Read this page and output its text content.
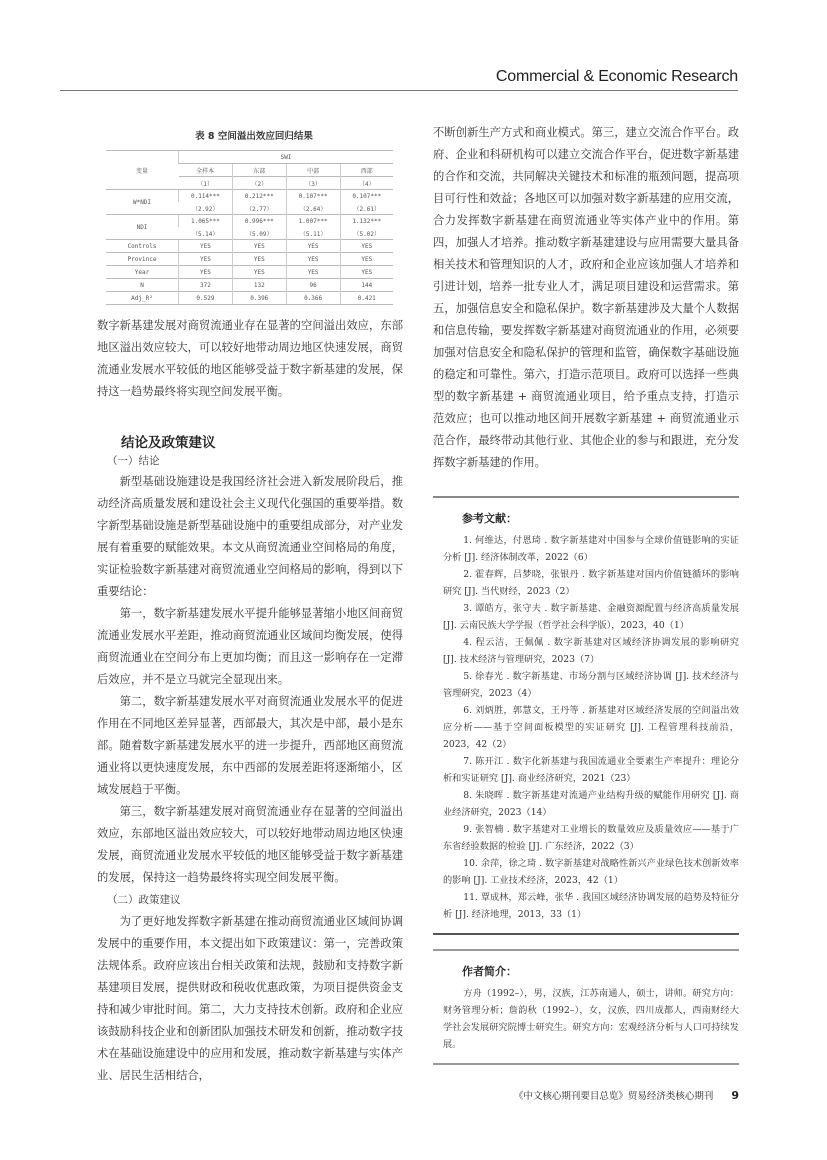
Commercial & Economic Research
表 8 空间溢出效应回归结果
变量	SWI			
	全样本	东部	中部	西部
	（1）	（2）	（3）	（4）
W*NDI	0.114***	0.212***	0.107***	0.107***
	（2.92）	（2.77）	（2.64）	（2.61）
NDI	1.065***	0.996***	1.007***	1.132***
	（5.14）	（5.09）	（5.11）	（5.02）
Controls	YES	YES	YES	YES
Province	YES	YES	YES	YES
Year	YES	YES	YES	YES
N	372	132	96	144
Adj_R²	0.529	0.396	0.366	0.421

数字新基建发展对商贸流通业存在显著的空间溢出效应，东部地区溢出效应较大，可以较好地带动周边地区快速发展，商贸流通业发展水平较低的地区能够受益于数字新基建的发展，保持这一趋势最终将实现空间发展平衡。

结论及政策建议
（一）结论

新型基础设施建设是我国经济社会进入新发展阶段后，推动经济高质量发展和建设社会主义现代化强国的重要举措。数字新型基础设施是新型基础设施中的重要组成部分，对产业发展有着重要的赋能效果。本文从商贸流通业空间格局的角度，实证检验数字新基建对商贸流通业空间格局的影响，得到以下重要结论：

第一，数字新基建发展水平提升能够显著缩小地区间商贸流通业发展水平差距，推动商贸流通业区域间均衡发展，使得商贸流通业在空间分布上更加均衡；而且这一影响存在一定滞后效应，并不是立马就完全显现出来。

第二，数字新基建发展水平对商贸流通业发展水平的促进作用在不同地区差异显著，西部最大，其次是中部，最小是东部。随着数字新基建发展水平的进一步提升，西部地区商贸流通业将以更快速度发展，东中西部的发展差距将逐渐缩小，区域发展趋于平衡。

第三，数字新基建发展对商贸流通业存在显著的空间溢出效应，东部地区溢出效应较大，可以较好地带动周边地区快速发展，商贸流通业发展水平较低的地区能够受益于数字新基建的发展，保持这一趋势最终将实现空间发展平衡。

（二）政策建议

为了更好地发挥数字新基建在推动商贸流通业区域间协调发展中的重要作用，本文提出如下政策建议：第一，完善政策法规体系。政府应该出台相关政策和法规，鼓励和支持数字新基建项目发展，提供财政和税收优惠政策，为项目提供资金支持和减少审批时间。第二，大力支持技术创新。政府和企业应该鼓励科技企业和创新团队加强技术研发和创新，推动数字技术在基础设施建设中的应用和发展，推动数字新基建与实体产业、居民生活相结合，

不断创新生产方式和商业模式。第三，建立交流合作平台。政府、企业和科研机构可以建立交流合作平台，促进数字新基建的合作和交流，共同解决关键技术和标准的瓶颈问题，提高项目可行性和效益；各地区可以加强对数字新基建的应用交流，合力发挥数字新基建在商贸流通业等实体产业中的作用。第四，加强人才培养。推动数字新基建建设与应用需要大量具备相关技术和管理知识的人才，政府和企业应该加强人才培养和引进计划，培养一批专业人才，满足项目建设和运营需求。第五，加强信息安全和隐私保护。数字新基建涉及大量个人数据和信息传输，要发挥数字新基建对商贸流通业的作用，必须要加强对信息安全和隐私保护的管理和监管，确保数字基础设施的稳定和可靠性。第六，打造示范项目。政府可以选择一些典型的数字新基建 + 商贸流通业项目，给予重点支持，打造示范效应；也可以推动地区间开展数字新基建 + 商贸流通业示范合作，最终带动其他行业、其他企业的参与和跟进，充分发挥数字新基建的作用。

参考文献：

1. 何维达，付恩琦 . 数字新基建对中国参与全球价值链影响的实证分析 [J]. 经济体制改革，2022（6）

2. 霍春辉，吕梦晓，张银丹 . 数字新基建对国内价值链循环的影响研究 [J]. 当代财经，2023（2）

3. 谭皓方，张守夫 . 数字新基建、金融资源配置与经济高质量发展 [J]. 云南民族大学学报（哲学社会科学版），2023，40（1）

4. 程云洁，王佩佩 . 数字新基建对区域经济协调发展的影响研究 [J]. 技术经济与管理研究，2023（7）

5. 徐春光 . 数字新基建、市场分割与区域经济协调 [J]. 技术经济与管理研究，2023（4）

6. 刘炳胜，郭慧文，王丹等 . 新基建对区域经济发展的空间溢出效应分析——基于空间面板模型的实证研究 [J]. 工程管理科技前沿，2023，42（2）

7. 陈开江 . 数字化新基建与我国流通业全要素生产率提升：理论分析和实证研究 [J]. 商业经济研究，2021（23）

8. 朱晓晖 . 数字新基建对流通产业结构升级的赋能作用研究 [J]. 商业经济研究，2023（14）

9. 张智楠 . 数字基建对工业增长的数量效应及质量效应——基于广东省经验数据的检验 [J]. 广东经济，2022（3）

10. 余萍，徐之琦 . 数字新基建对战略性新兴产业绿色技术创新效率的影响 [J]. 工业技术经济，2023，42（1）

11. 覃成林，郑云峰，张华 . 我国区域经济协调发展的趋势及特征分析 [J]. 经济地理，2013，33（1）

作者简介：

方舟（1992–），男，汉族，江苏南通人，硕士，讲师。研究方向：财务管理分析；詹韵秋（1992–），女，汉族，四川成都人，西南财经大学社会发展研究院博士研究生。研究方向：宏观经济分析与人口可持续发展。

《中文核心期刊要目总览》贸易经济类核心期刊 9
